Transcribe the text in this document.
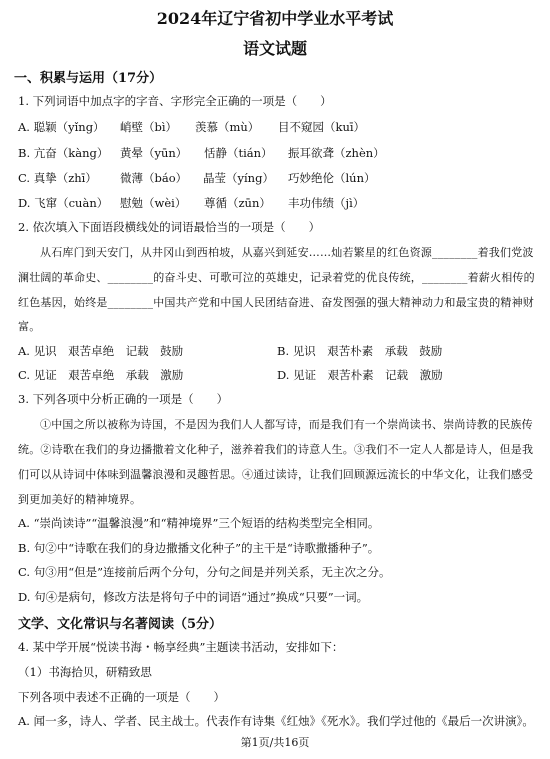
2024年辽宁省初中学业水平考试
语文试题
一、积累与运用（17分）
1. 下列词语中加点字的字音、字形完全正确的一项是（　　）
A. 聪颖（yǐng） 峭壁（bì） 羡慕（mù） 目不窥园（kuī）
B. 亢奋（kàng） 黄晕（yūn） 恬静（tián） 振耳欲聋（zhèn）
C. 真挚（zhī） 微薄（báo） 晶莹（yíng） 巧妙绝伦（lún）
D. 飞窜（cuàn） 慰勉（wèi） 尊循（zūn） 丰功伟绩（jì）
2. 依次填入下面语段横线处的词语最恰当的一项是（　　）
从石库门到天安门，从井冈山到西柏坡，从嘉兴到延安……灿若繁星的红色资源________着我们党波
澜壮阔的革命史、________的奋斗史、可歌可泣的英雄史，记录着党的优良传统，________着薪火相传的
红色基因，始终是________中国共产党和中国人民团结奋进、奋发图强的强大精神动力和最宝贵的精神财
富。
A. 见识　艰苦卓绝　记载　鼓励	B. 见识　艰苦朴素　承载　鼓励
C. 见证　艰苦卓绝　承载　激励	D. 见证　艰苦朴素　记载　激励
3. 下列各项中分析正确的一项是（　　）
①中国之所以被称为诗国，不是因为我们人人都写诗，而是我们有一个崇尚读书、崇尚诗教的民族传
统。②诗歌在我们的身边播撒着文化种子，滋养着我们的诗意人生。③我们不一定人人都是诗人，但是我
们可以从诗词中体味到温馨浪漫和灵趣哲思。④通过读诗，让我们回顾源远流长的中华文化，让我们感受
到更加美好的精神境界。
A. “崇尚读诗”“温馨浪漫”和“精神境界”三个短语的结构类型完全相同。
B. 句②中“诗歌在我们的身边撒播文化种子”的主干是“诗歌撒播种子”。
C. 句③用“但是”连接前后两个分句，分句之间是并列关系，无主次之分。
D. 句④是病句，修改方法是将句子中的词语“通过”换成“只要”一词。
文学、文化常识与名著阅读（5分）
4. 某中学开展“悦读书海・畅享经典”主题读书活动，安排如下：
（1）书海拾贝，研精致思
下列各项中表述不正确的一项是（　　）
A. 闻一多，诗人、学者、民主战士。代表作有诗集《红烛》《死水》。我们学过他的《最后一次讲演》。
第1页/共16页
